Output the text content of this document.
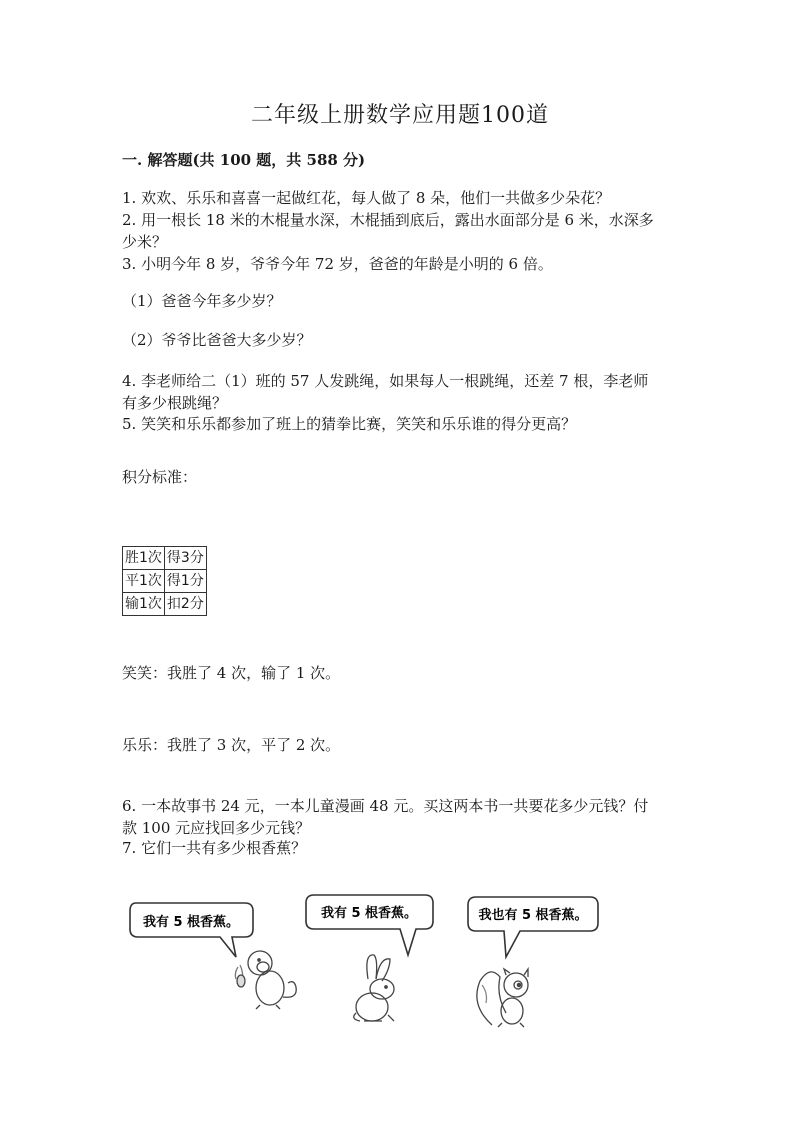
二年级上册数学应用题100道
一. 解答题(共 100 题，共 588 分)
1. 欢欢、乐乐和喜喜一起做红花，每人做了 8 朵，他们一共做多少朵花？
2. 用一根长 18 米的木棍量水深，木棍插到底后，露出水面部分是 6 米，水深多
少米？
3. 小明今年 8 岁，爷爷今年 72 岁，爸爸的年龄是小明的 6 倍。
（1）爸爸今年多少岁？
（2）爷爷比爸爸大多少岁？
4. 李老师给二（1）班的 57 人发跳绳，如果每人一根跳绳，还差 7 根，李老师
有多少根跳绳？
5. 笑笑和乐乐都参加了班上的猜拳比赛，笑笑和乐乐谁的得分更高？
积分标准：
胜1次	得3分
平1次	得1分
输1次	扣2分
笑笑：我胜了 4 次，输了 1 次。
乐乐：我胜了 3 次，平了 2 次。
6. 一本故事书 24 元，一本儿童漫画 48 元。买这两本书一共要花多少元钱？付
款 100 元应找回多少元钱？
7. 它们一共有多少根香蕉？
我有 5 根香蕉。
我有 5 根香蕉。	我也有 5 根香蕉。
